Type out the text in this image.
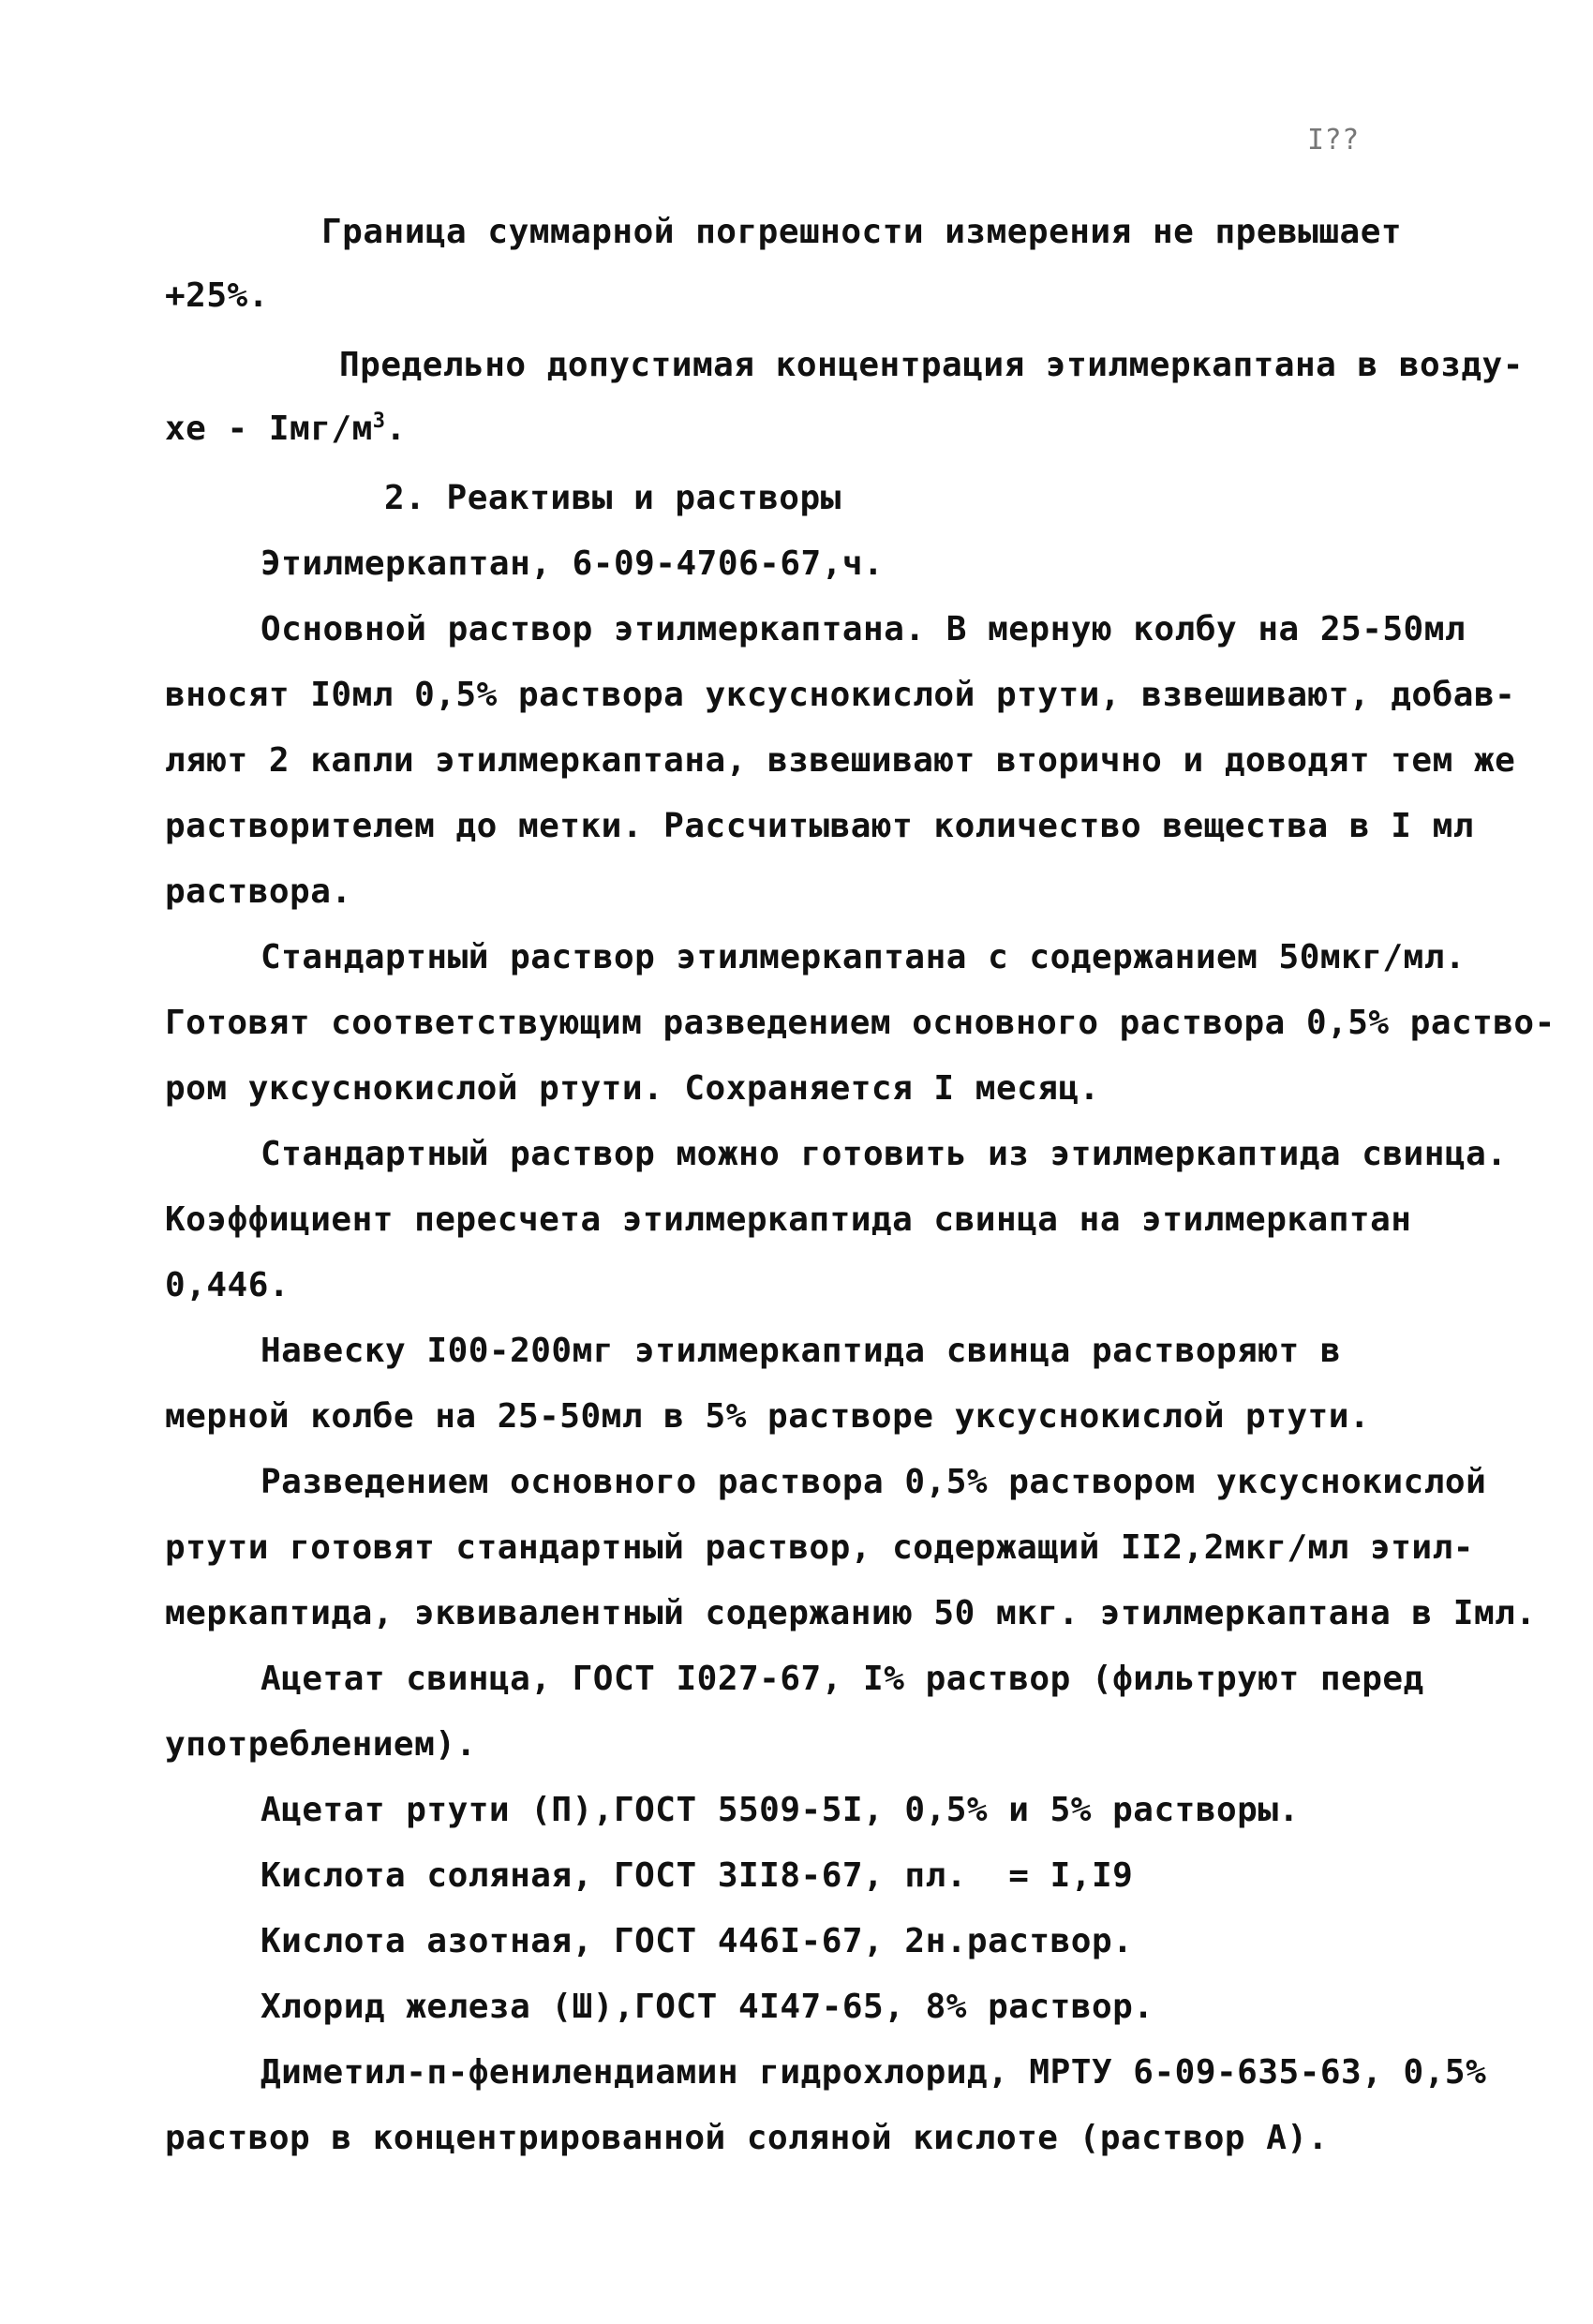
I??
Граница суммарной погрешности измерения не превышает
+25%.
Предельно допустимая концентрация этилмеркаптана в возду-
хе - Iмг/$м^3$.
2. Реактивы и растворы
Этилмеркаптан, 6-09-4706-67,ч.
Основной раствор этилмеркаптана. В мерную колбу на 25-50мл
вносят I0мл 0,5% раствора уксуснокислой ртути, взвешивают, добав-
ляют 2 капли этилмеркаптана, взвешивают вторично и доводят тем же
растворителем до метки. Рассчитывают количество вещества в I мл
раствора.
Стандартный раствор этилмеркаптана с содержанием 50мкг/мл.
Готовят соответствующим разведением основного раствора 0,5% раство-
ром уксуснокислой ртути. Сохраняется I месяц.
Стандартный раствор можно готовить из этилмеркаптида свинца.
Коэффициент пересчета этилмеркаптида свинца на этилмеркаптан
0,446.
Навеску I00-200мг этилмеркаптида свинца растворяют в
мерной колбе на 25-50мл в 5% растворе уксуснокислой ртути.
Разведением основного раствора 0,5% раствором уксуснокислой
ртути готовят стандартный раствор, содержащий II2,2мкг/мл этил-
меркаптида, эквивалентный содержанию 50 мкг. этилмеркаптана в Iмл.
Ацетат свинца, ГОСТ I027-67, I% раствор (фильтруют перед
употреблением).
Ацетат ртути (П),ГОСТ 5509-5I, 0,5% и 5% растворы.
Кислота соляная, ГОСТ 3II8-67, пл.  = I,I9
Кислота азотная, ГОСТ 446I-67, 2н.раствор.
Хлорид железа (Ш),ГОСТ 4I47-65, 8% раствор.
Диметил-п-фенилендиамин гидрохлорид, МРТУ 6-09-635-63, 0,5%
раствор в концентрированной соляной кислоте (раствор А).
